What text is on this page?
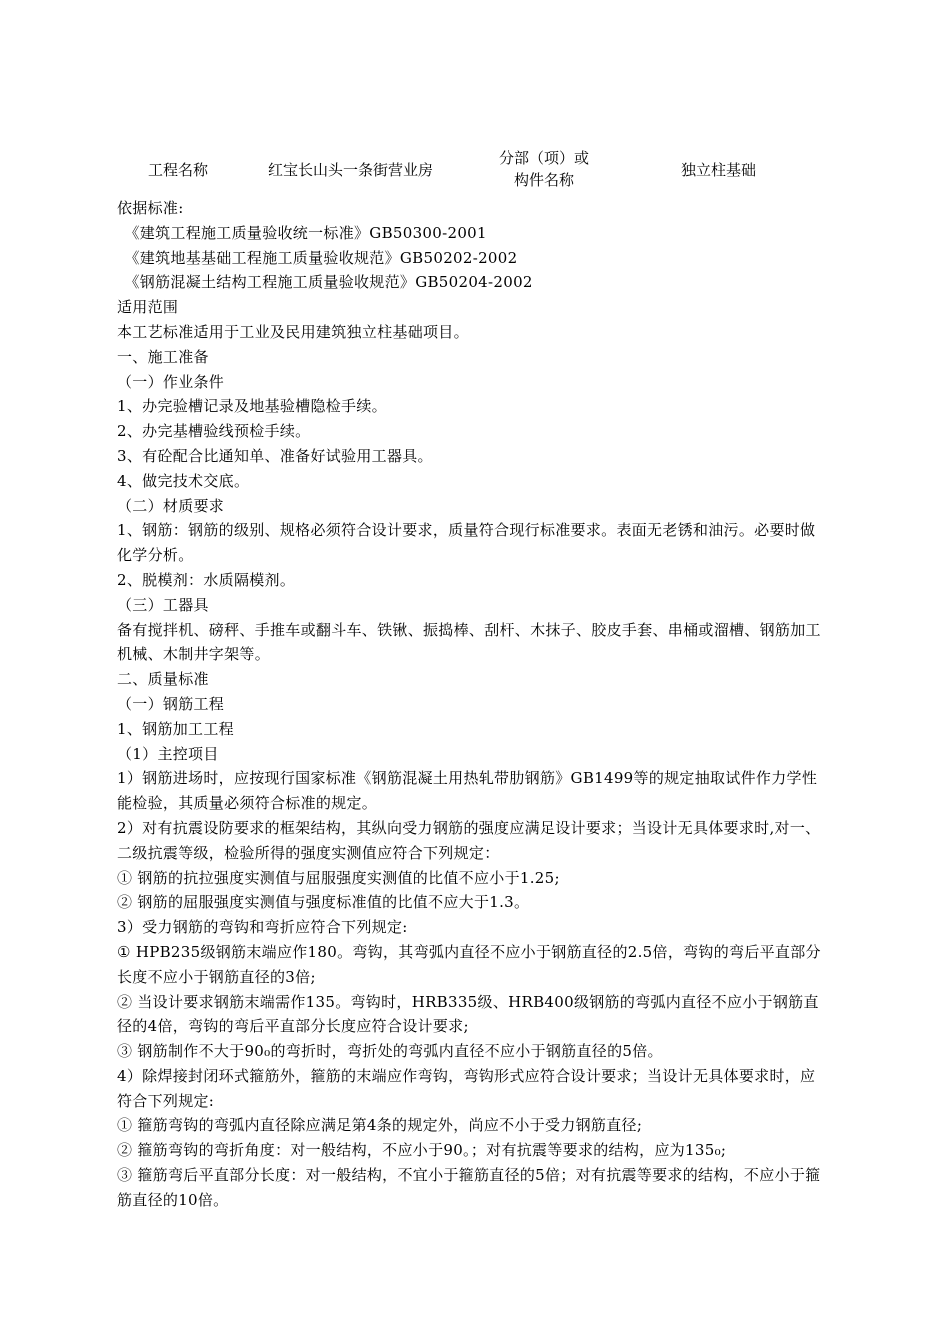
工程名称	红宝长山头一条街营业房
分部（项）或
构件名称
独立柱基础

依据标准:

《建筑工程施工质量验收统一标准》GB50300-2001

《建筑地基基础工程施工质量验收规范》GB50202-2002

《钢筋混凝土结构工程施工质量验收规范》GB50204-2002

适用范围

本工艺标准适用于工业及民用建筑独立柱基础项目。

一、施工准备

（一）作业条件

1、办完验槽记录及地基验槽隐检手续。

2、办完基槽验线预检手续。

3、有砼配合比通知单、准备好试验用工器具。

4、做完技术交底。

（二）材质要求

1、钢筋：钢筋的级别、规格必须符合设计要求，质量符合现行标准要求。表面无老锈和油污。必要时做化学分析。

2、脱模剂：水质隔模剂。

（三）工器具

备有搅拌机、磅秤、手推车或翻斗车、铁锹、振捣棒、刮杆、木抹子、胶皮手套、串桶或溜槽、钢筋加工机械、木制井字架等。

二、质量标准

（一）钢筋工程

1、钢筋加工工程

（1）主控项目

1）钢筋进场时，应按现行国家标准《钢筋混凝土用热轧带肋钢筋》GB1499等的规定抽取试件作力学性能检验，其质量必须符合标准的规定。

2）对有抗震设防要求的框架结构，其纵向受力钢筋的强度应满足设计要求；当设计无具体要求时,对一、二级抗震等级，检验所得的强度实测值应符合下列规定：

① 钢筋的抗拉强度实测值与屈服强度实测值的比值不应小于1.25;

② 钢筋的屈服强度实测值与强度标准值的比值不应大于1.3。

3）受力钢筋的弯钩和弯折应符合下列规定:

① HPB235级钢筋末端应作180。弯钩，其弯弧内直径不应小于钢筋直径的2.5倍，弯钩的弯后平直部分长度不应小于钢筋直径的3倍;

② 当设计要求钢筋末端需作135。弯钩时，HRB335级、HRB400级钢筋的弯弧内直径不应小于钢筋直径的4倍，弯钩的弯后平直部分长度应符合设计要求;

③ 钢筋制作不大于90₀的弯折时，弯折处的弯弧内直径不应小于钢筋直径的5倍。

4）除焊接封闭环式箍筋外，箍筋的末端应作弯钩，弯钩形式应符合设计要求；当设计无具体要求时，应符合下列规定:

① 箍筋弯钩的弯弧内直径除应满足第4条的规定外，尚应不小于受力钢筋直径;

② 箍筋弯钩的弯折角度：对一般结构，不应小于90。；对有抗震等要求的结构，应为135₀;

③ 箍筋弯后平直部分长度：对一般结构，不宜小于箍筋直径的5倍；对有抗震等要求的结构，不应小于箍筋直径的10倍。
